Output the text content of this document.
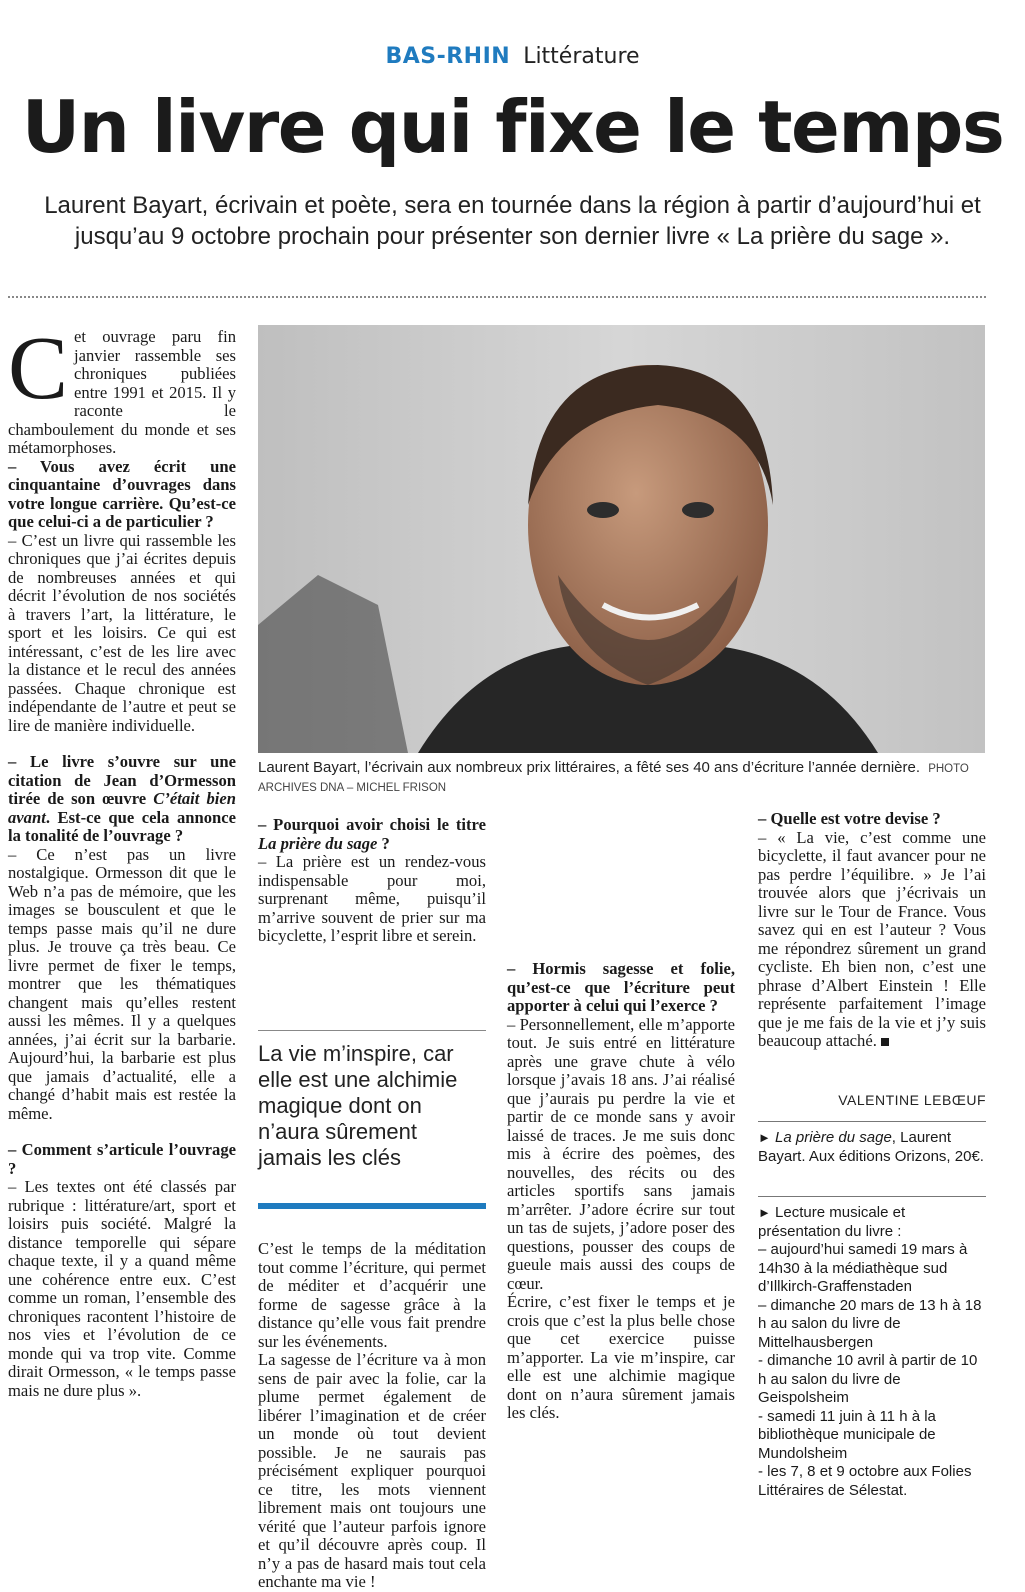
BAS-RHIN Littérature
Un livre qui fixe le temps
Laurent Bayart, écrivain et poète, sera en tournée dans la région à partir d’aujourd’hui et jusqu’au 9 octobre prochain pour présenter son dernier livre « La prière du sage ».

Cet ouvrage paru fin janvier rassemble ses chroniques publiées entre 1991 et 2015. Il y raconte le chamboulement du monde et ses métamorphoses.

– Vous avez écrit une cinquantaine d’ouvrages dans votre longue carrière. Qu’est-ce que celui-ci a de particulier ?

– C’est un livre qui rassemble les chroniques que j’ai écrites depuis de nombreuses années et qui décrit l’évolution de nos sociétés à travers l’art, la littérature, le sport et les loisirs. Ce qui est intéressant, c’est de les lire avec la distance et le recul des années passées. Chaque chronique est indépendante de l’autre et peut se lire de manière individuelle.

– Le livre s’ouvre sur une citation de Jean d’Ormesson tirée de son œuvre C’était bien avant. Est-ce que cela annonce la tonalité de l’ouvrage ?

– Ce n’est pas un livre nostalgique. Ormesson dit que le Web n’a pas de mémoire, que les images se bousculent et que le temps passe mais qu’il ne dure plus. Je trouve ça très beau. Ce livre permet de fixer le temps, montrer que les thématiques changent mais qu’elles restent aussi les mêmes. Il y a quelques années, j’ai écrit sur la barbarie. Aujourd’hui, la barbarie est plus que jamais d’actualité, elle a changé d’habit mais est restée la même.

– Comment s’articule l’ouvrage ?

– Les textes ont été classés par rubrique : littérature/art, sport et loisirs puis société. Malgré la distance temporelle qui sépare chaque texte, il y a quand même une cohérence entre eux. C’est comme un roman, l’ensemble des chroniques racontent l’histoire de nos vies et l’évolution de ce monde qui va trop vite. Comme dirait Ormesson, « le temps passe mais ne dure plus ».

Laurent Bayart, l’écrivain aux nombreux prix littéraires, a fêté ses 40 ans d’écriture l’année dernière. PHOTO ARCHIVES DNA – MICHEL FRISON

– Pourquoi avoir choisi le titre La prière du sage ?

– La prière est un rendez-vous indispensable pour moi, surprenant même, puisqu’il m’arrive souvent de prier sur ma bicyclette, l’esprit libre et serein.

La vie m’inspire, car elle est une alchimie magique dont on n’aura sûrement jamais les clés

C’est le temps de la méditation tout comme l’écriture, qui permet de méditer et d’acquérir une forme de sagesse grâce à la distance qu’elle vous fait prendre sur les événements.

La sagesse de l’écriture va à mon sens de pair avec la folie, car la plume permet également de libérer l’imagination et de créer un monde où tout devient possible. Je ne saurais pas précisément expliquer pourquoi ce titre, les mots viennent librement mais ont toujours une vérité que l’auteur parfois ignore et qu’il découvre après coup. Il n’y a pas de hasard mais tout cela enchante ma vie !

– Hormis sagesse et folie, qu’est-ce que l’écriture peut apporter à celui qui l’exerce ?

– Personnellement, elle m’apporte tout. Je suis entré en littérature après une grave chute à vélo lorsque j’avais 18 ans. J’ai réalisé que j’aurais pu perdre la vie et partir de ce monde sans y avoir laissé de traces. Je me suis donc mis à écrire des poèmes, des nouvelles, des récits ou des articles sportifs sans jamais m’arrêter. J’adore écrire sur tout un tas de sujets, j’adore poser des questions, pousser des coups de gueule mais aussi des coups de cœur.

Écrire, c’est fixer le temps et je crois que c’est la plus belle chose que cet exercice puisse m’apporter. La vie m’inspire, car elle est une alchimie magique dont on n’aura sûrement jamais les clés.

– Quelle est votre devise ?

– « La vie, c’est comme une bicyclette, il faut avancer pour ne pas perdre l’équilibre. » Je l’ai trouvée alors que j’écrivais un livre sur le Tour de France. Vous savez qui en est l’auteur ? Vous me répondrez sûrement un grand cycliste. Eh bien non, c’est une phrase d’Albert Einstein ! Elle représente parfaitement l’image que je me fais de la vie et j’y suis beaucoup attaché.

VALENTINE LEBŒUF

► La prière du sage, Laurent Bayart. Aux éditions Orizons, 20€.

► Lecture musicale et présentation du livre :

– aujourd’hui samedi 19 mars à 14h30 à la médiathèque sud d’Illkirch-Graffenstaden

– dimanche 20 mars de 13 h à 18 h au salon du livre de Mittelhausbergen

- dimanche 10 avril à partir de 10 h au salon du livre de Geispolsheim

- samedi 11 juin à 11 h à la bibliothèque municipale de Mundolsheim

- les 7, 8 et 9 octobre aux Folies Littéraires de Sélestat.
